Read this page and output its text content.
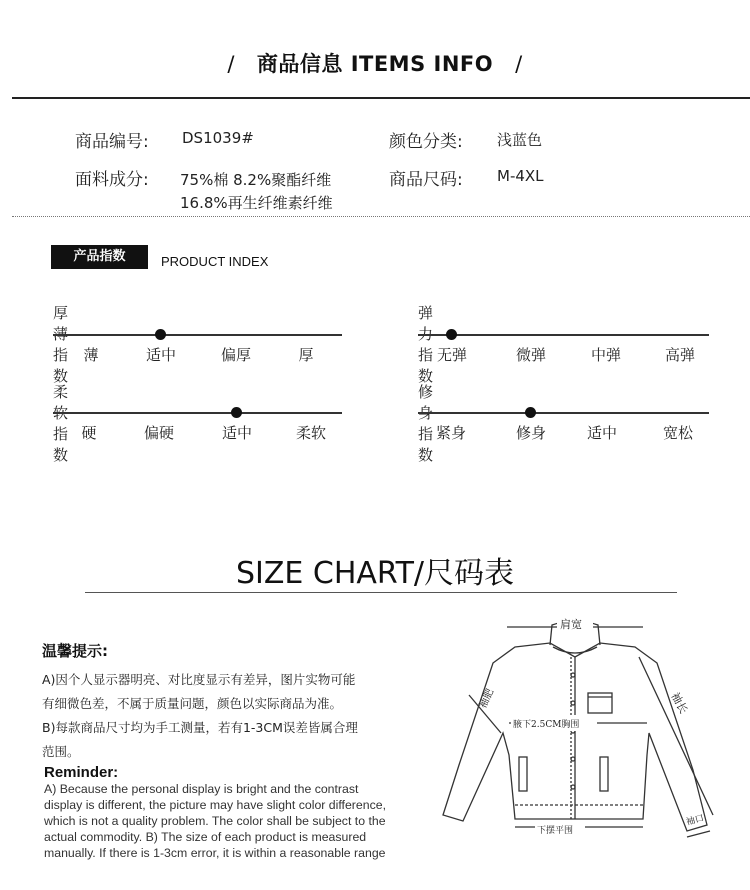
/ 商品信息 ITEMS INFO /
商品编号: DS1039#	颜色分类: 浅蓝色
面料成分: 75%棉 8.2%聚酯纤维
16.8%再生纤维素纤维
商品尺码: M-4XL
产品指数	PRODUCT INDEX
厚薄指数
薄	适中	偏厚	厚
弹力指数
无弹	微弹	中弹	高弹
柔软指数
硬	偏硬	适中	柔软
修身指数
紧身	修身	适中	宽松
SIZE CHART/尺码表
温馨提示:
A)因个人显示器明亮、对比度显示有差异，图片实物可能
有细微色差，不属于质量问题，颜色以实际商品为准。
B)每款商品尺寸均为手工测量，若有1-3CM误差皆属合理
范围。
Reminder:
A) Because the personal display is bright and the contrast
display is different, the picture may have slight color difference,
which is not a quality problem. The color shall be subject to the
actual commodity. B) The size of each product is measured
manually. If there is 1-3cm error, it is within a reasonable range
肩宽
腋下2.5CM胸围
下摆平围
袖长
袖肥
袖口
